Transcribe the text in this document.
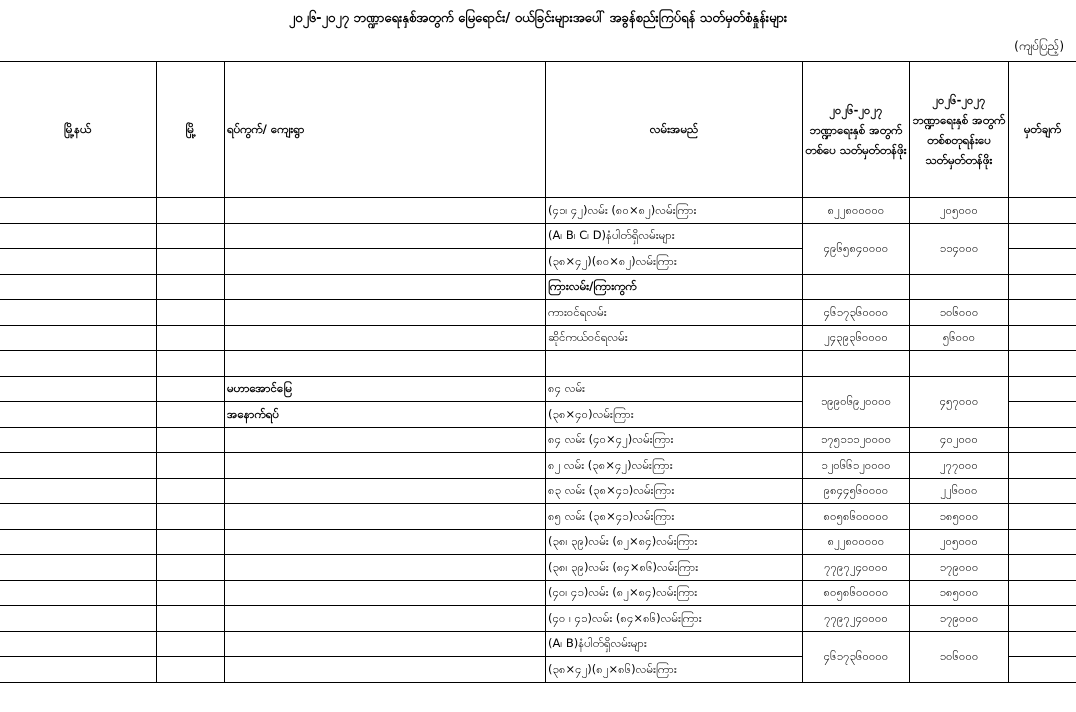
၂၀၂၆-၂၀၂၇ ဘဏ္ဍာရေးနှစ်အတွက် မြေရောင်း/ ဝယ်ခြင်းများအပေါ် အခွန်စည်းကြပ်ရန် သတ်မှတ်စံနှုန်းများ
(ကျပ်ပြည့်)
မြို့နယ်	မြို့	ရပ်ကွက်/ ကျေးရွာ	လမ်းအမည်	၂၀၂၆-၂၀၂၇ ဘဏ္ဍာရေးနှစ် အတွက် တစ်ပေ သတ်မှတ်တန်ဖိုး	၂၀၂၆-၂၀၂၇ ဘဏ္ဍာရေးနှစ် အတွက် တစ်စတုရန်းပေ သတ်မှတ်တန်ဖိုး	မှတ်ချက်
			(၄၁၊ ၄၂)လမ်း (၈၀×၈၂)လမ်းကြား	၈၂၂၈၀၀၀၀၀	၂၀၅၀၀၀	
			(A၊ B၊ C၊ D)နံပါတ်ရှိလမ်းများ	၄၉၆၅၈၄၀၀၀၀	၁၁၄၀၀၀	
			(၃၈×၄၂)(၈၀×၈၂)လမ်းကြား			
			ကြားလမ်း/ကြားကွက်			
			ကားဝင်ရလမ်း	၄၆၁၇၃၆၀၀၀၀	၁၀၆၀၀၀	
			ဆိုင်ကယ်ဝင်ရလမ်း	၂၄၃၉၃၆၀၀၀၀	၅၆၀၀၀	

		မဟာအောင်မြေ	၈၄ လမ်း	၁၉၉၀၆၉၂၀၀၀၀	၄၅၇၀၀၀	
		အနောက်ရပ်	(၃၈×၄၀)လမ်းကြား			
			၈၄ လမ်း (၄၀×၄၂)လမ်းကြား	၁၇၅၁၁၁၂၀၀၀၀	၄၀၂၀၀၀	
			၈၂ လမ်း (၃၈×၄၂)လမ်းကြား	၁၂၀၆၆၁၂၀၀၀၀	၂၇၇၀၀၀	
			၈၃ လမ်း (၃၈×၄၁)လမ်းကြား	၉၈၄၄၅၆၀၀၀၀	၂၂၆၀၀၀	
			၈၅ လမ်း (၃၈×၄၁)လမ်းကြား	၈၀၅၈၆၀၀၀၀၀	၁၈၅၀၀၀	
			(၃၈၊ ၃၉)လမ်း (၈၂×၈၄)လမ်းကြား	၈၂၂၈၀၀၀၀၀	၂၀၅၀၀၀	
			(၃၈၊ ၃၉)လမ်း (၈၄×၈၆)လမ်းကြား	၇၇၉၇၂၄၀၀၀၀	၁၇၉၀၀၀	
			(၄၀၊ ၄၁)လမ်း (၈၂×၈၄)လမ်းကြား	၈၀၅၈၆၀၀၀၀၀	၁၈၅၀၀၀	
			(၄၀ ၊ ၄၁)လမ်း (၈၄×၈၆)လမ်းကြား	၇၇၉၇၂၄၀၀၀၀	၁၇၉၀၀၀	
			(A၊ B)နံပါတ်ရှိလမ်းများ	၄၆၁၇၃၆၀၀၀၀	၁၀၆၀၀၀	
			(၃၈×၄၂)(၈၂×၈၆)လမ်းကြား			
